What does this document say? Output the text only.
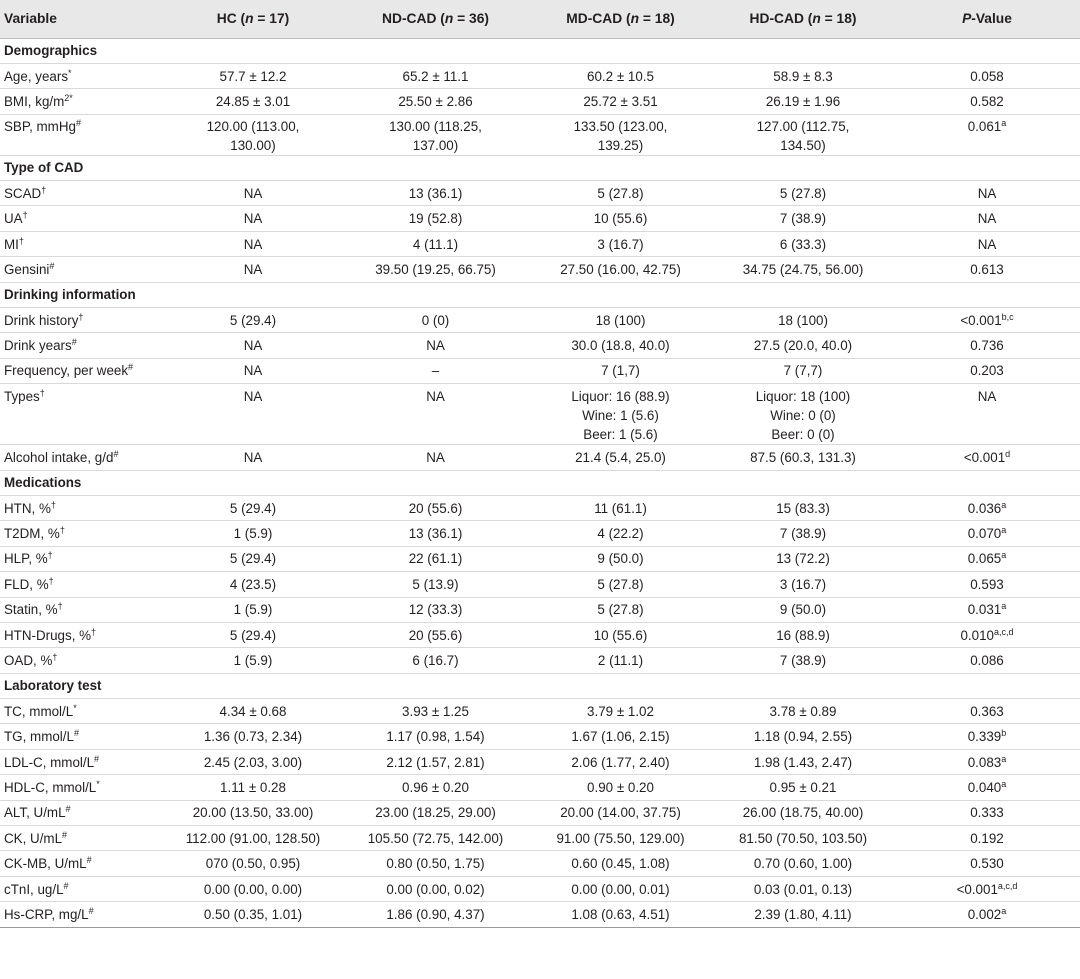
Variable	HC (n = 17)	ND-CAD (n = 36)	MD-CAD (n = 18)	HD-CAD (n = 18)	P-Value
Demographics					
Age, years*	57.7 ± 12.2	65.2 ± 11.1	60.2 ± 10.5	58.9 ± 8.3	0.058
BMI, $kg/m^{2*}$	24.85 ± 3.01	25.50 ± 2.86	25.72 ± 3.51	26.19 ± 1.96	0.582
SBP, mmHg#	120.00 (113.00,
130.00)	130.00 (118.25,
137.00)	133.50 (123.00,
139.25)	127.00 (112.75,
134.50)	0.061$^a$
Type of CAD					
SCAD†	NA	13 (36.1)	5 (27.8)	5 (27.8)	NA
UA†	NA	19 (52.8)	10 (55.6)	7 (38.9)	NA
MI†	NA	4 (11.1)	3 (16.7)	6 (33.3)	NA
Gensini#	NA	39.50 (19.25, 66.75)	27.50 (16.00, 42.75)	34.75 (24.75, 56.00)	0.613
Drinking information					
Drink history†	5 (29.4)	0 (0)	18 (100)	18 (100)	$<0.001^{b,c}$
Drink years#	NA	NA	30.0 (18.8, 40.0)	27.5 (20.0, 40.0)	0.736
Frequency, per week#	NA	–	7 (1,7)	7 (7,7)	0.203
Types†	NA	NA	Liquor: 16 (88.9)
Wine: 1 (5.6)
Beer: 1 (5.6)	Liquor: 18 (100)
Wine: 0 (0)
Beer: 0 (0)	NA
Alcohol intake, g/d#	NA	NA	21.4 (5.4, 25.0)	87.5 (60.3, 131.3)	<0.001$^d$
Medications					
HTN, %†	5 (29.4)	20 (55.6)	11 (61.1)	15 (83.3)	0.036$^a$
T2DM, %†	1 (5.9)	13 (36.1)	4 (22.2)	7 (38.9)	0.070$^a$
HLP, %†	5 (29.4)	22 (61.1)	9 (50.0)	13 (72.2)	0.065$^a$
FLD, %†	4 (23.5)	5 (13.9)	5 (27.8)	3 (16.7)	0.593
Statin, %†	1 (5.9)	12 (33.3)	5 (27.8)	9 (50.0)	0.031$^a$
HTN-Drugs, %†	5 (29.4)	20 (55.6)	10 (55.6)	16 (88.9)	0.010$^{a,c,d}$
OAD, %†	1 (5.9)	6 (16.7)	2 (11.1)	7 (38.9)	0.086
Laboratory test					
TC, mmol/L*	4.34 ± 0.68	3.93 ± 1.25	3.79 ± 1.02	3.78 ± 0.89	0.363
TG, mmol/L#	1.36 (0.73, 2.34)	1.17 (0.98, 1.54)	1.67 (1.06, 2.15)	1.18 (0.94, 2.55)	0.339$^b$
LDL-C, mmol/L#	2.45 (2.03, 3.00)	2.12 (1.57, 2.81)	2.06 (1.77, 2.40)	1.98 (1.43, 2.47)	0.083$^a$
HDL-C, mmol/L*	1.11 ± 0.28	0.96 ± 0.20	0.90 ± 0.20	0.95 ± 0.21	0.040$^a$
ALT, U/mL#	20.00 (13.50, 33.00)	23.00 (18.25, 29.00)	20.00 (14.00, 37.75)	26.00 (18.75, 40.00)	0.333
CK, U/mL#	112.00 (91.00, 128.50)	105.50 (72.75, 142.00)	91.00 (75.50, 129.00)	81.50 (70.50, 103.50)	0.192
CK-MB, U/mL#	070 (0.50, 0.95)	0.80 (0.50, 1.75)	0.60 (0.45, 1.08)	0.70 (0.60, 1.00)	0.530
cTnI, ug/L#	0.00 (0.00, 0.00)	0.00 (0.00, 0.02)	0.00 (0.00, 0.01)	0.03 (0.01, 0.13)	$<0.001^{a,c,d}$
Hs-CRP, mg/L#	0.50 (0.35, 1.01)	1.86 (0.90, 4.37)	1.08 (0.63, 4.51)	2.39 (1.80, 4.11)	0.002$^a$
